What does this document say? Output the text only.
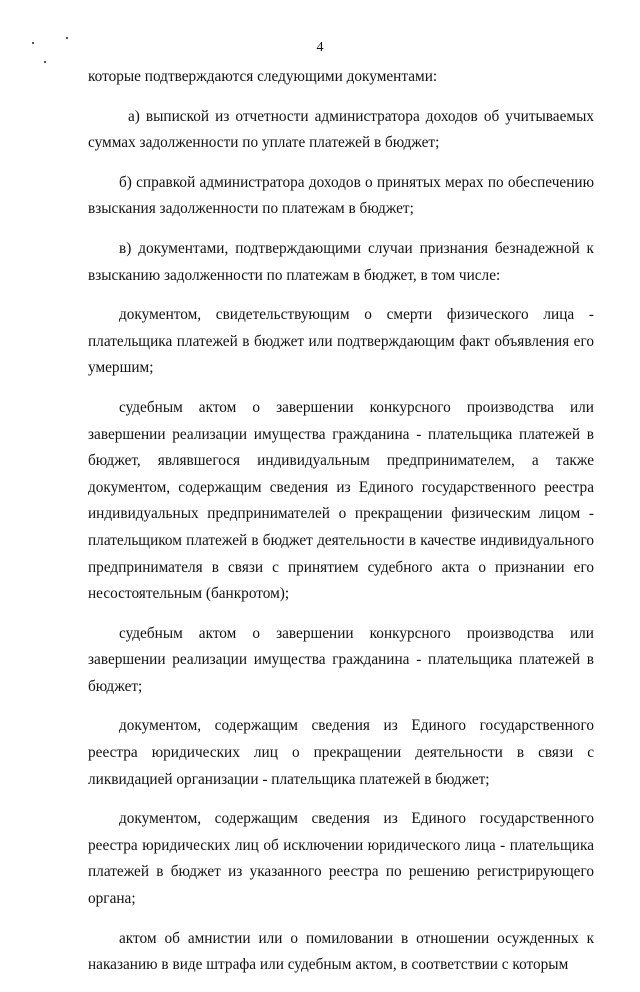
4

которые подтверждаются следующими документами:

а) выпиской из отчетности администратора доходов об учитываемых суммах задолженности по уплате платежей в бюджет;

б) справкой администратора доходов о принятых мерах по обеспечению взыскания задолженности по платежам в бюджет;

в) документами, подтверждающими случаи признания безнадежной к взысканию задолженности по платежам в бюджет, в том числе:

документом, свидетельствующим о смерти физического лица - плательщика платежей в бюджет или подтверждающим факт объявления его умершим;

судебным актом о завершении конкурсного производства или завершении реализации имущества гражданина - плательщика платежей в бюджет, являвшегося индивидуальным предпринимателем, а также документом, содержащим сведения из Единого государственного реестра индивидуальных предпринимателей о прекращении физическим лицом - плательщиком платежей в бюджет деятельности в качестве индивидуального предпринимателя в связи с принятием судебного акта о признании его несостоятельным (банкротом);

судебным актом о завершении конкурсного производства или завершении реализации имущества гражданина - плательщика платежей в бюджет;

документом, содержащим сведения из Единого государственного реестра юридических лиц о прекращении деятельности в связи с ликвидацией организации - плательщика платежей в бюджет;

документом, содержащим сведения из Единого государственного реестра юридических лиц об исключении юридического лица - плательщика платежей в бюджет из указанного реестра по решению регистрирующего органа;

актом об амнистии или о помиловании в отношении осужденных к наказанию в виде штрафа или судебным актом, в соответствии с которым
